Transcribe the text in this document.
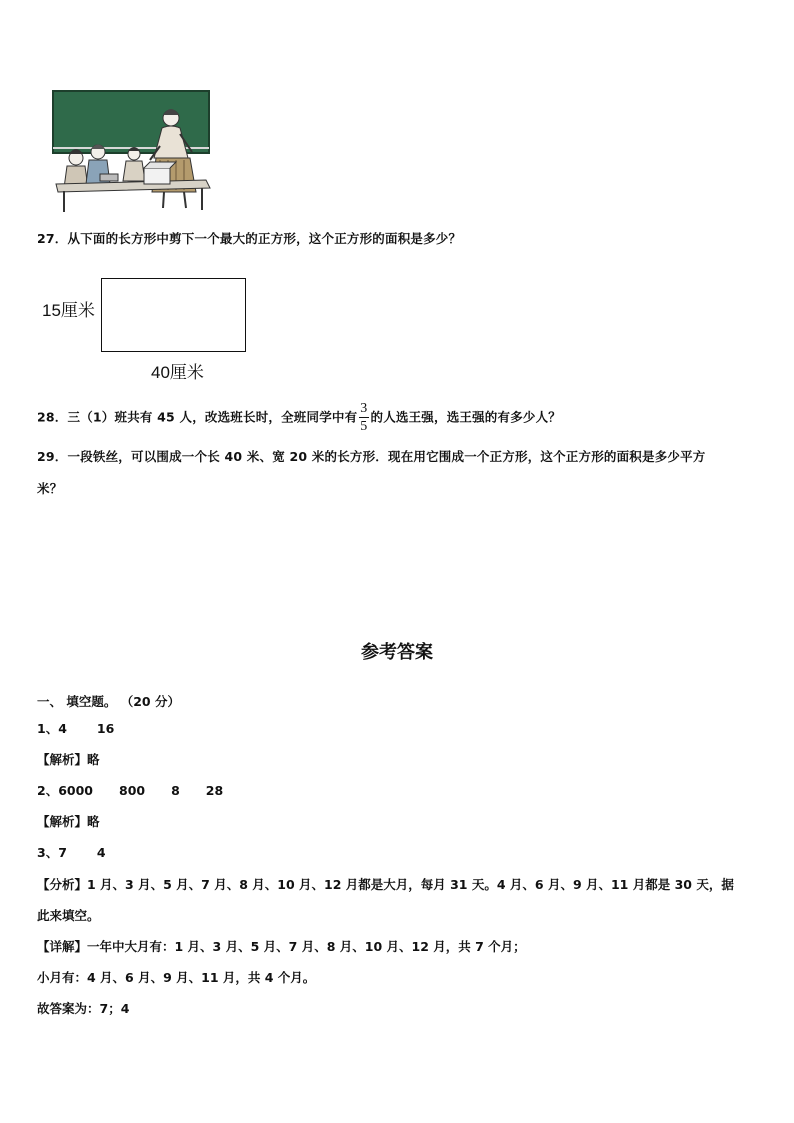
27．从下面的长方形中剪下一个最大的正方形，这个正方形的面积是多少？
15厘米
40厘米
28．三（1）班共有 45 人，改选班长时，全班同学中有 $\frac{3}{5}$ 的人选王强，选王强的有多少人？
29．一段铁丝，可以围成一个长 40 米、宽 20 米的长方形．现在用它围成一个正方形，这个正方形的面积是多少平方
米？
参考答案
一、 填空题。 （20 分）
1、4 16
【解析】略
2、6000 800 8 28
【解析】略
3、7 4
【分析】1 月、3 月、5 月、7 月、8 月、10 月、12 月都是大月，每月 31 天。4 月、6 月、9 月、11 月都是 30 天，据
此来填空。
【详解】一年中大月有：1 月、3 月、5 月、7 月、8 月、10 月、12 月，共 7 个月；
小月有：4 月、6 月、9 月、11 月，共 4 个月。
故答案为：7；4
